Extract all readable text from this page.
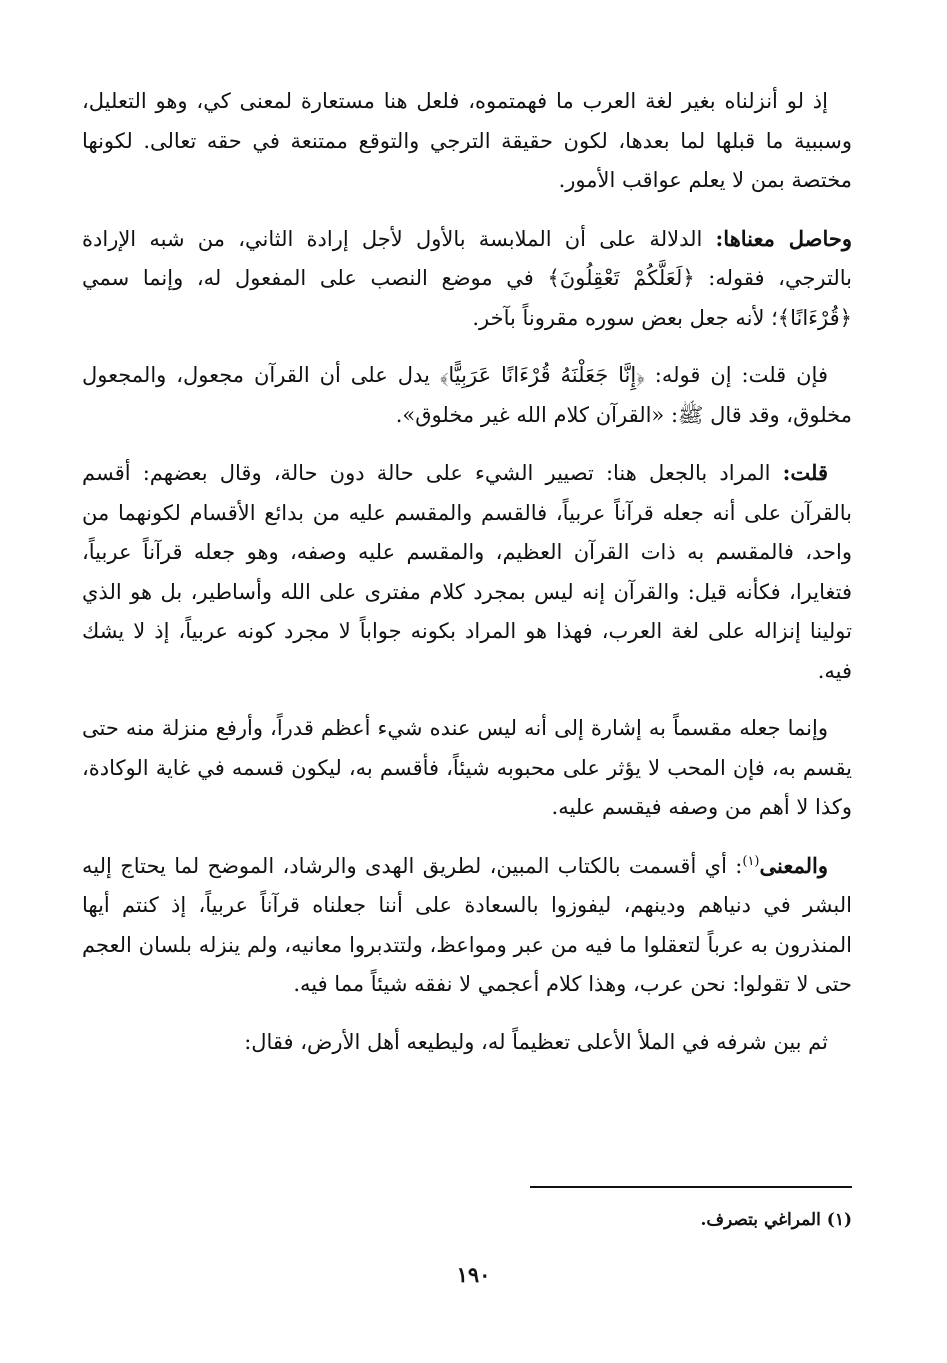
إذ لو أنزلناه بغير لغة العرب ما فهمتموه، فلعل هنا مستعارة لمعنى كي، وهو التعليل، وسببية ما قبلها لما بعدها، لكون حقيقة الترجي والتوقع ممتنعة في حقه تعالى. لكونها مختصة بمن لا يعلم عواقب الأمور.

وحاصل معناها: الدلالة على أن الملابسة بالأول لأجل إرادة الثاني، من شبه الإرادة بالترجي، فقوله: ﴿لَعَلَّكُمْ تَعْقِلُونَ﴾ في موضع النصب على المفعول له، وإنما سمي ﴿قُرْءَانًا﴾؛ لأنه جعل بعض سوره مقروناً بآخر.

فإن قلت: إن قوله: ﴿إِنَّا جَعَلْنَهُ قُرْءَانًا عَرَبِيًّا﴾ يدل على أن القرآن مجعول، والمجعول مخلوق، وقد قال ﷺ: «القرآن كلام الله غير مخلوق».

قلت: المراد بالجعل هنا: تصيير الشيء على حالة دون حالة، وقال بعضهم: أقسم بالقرآن على أنه جعله قرآناً عربياً، فالقسم والمقسم عليه من بدائع الأقسام لكونهما من واحد، فالمقسم به ذات القرآن العظيم، والمقسم عليه وصفه، وهو جعله قرآناً عربياً، فتغايرا، فكأنه قيل: والقرآن إنه ليس بمجرد كلام مفترى على الله وأساطير، بل هو الذي تولينا إنزاله على لغة العرب، فهذا هو المراد بكونه جواباً لا مجرد كونه عربياً، إذ لا يشك فيه.

وإنما جعله مقسماً به إشارة إلى أنه ليس عنده شيء أعظم قدراً، وأرفع منزلة منه حتى يقسم به، فإن المحب لا يؤثر على محبوبه شيئاً، فأقسم به، ليكون قسمه في غاية الوكادة، وكذا لا أهم من وصفه فيقسم عليه.

والمعنى$^{(١)}$: أي أقسمت بالكتاب المبين، لطريق الهدى والرشاد، الموضح لما يحتاج إليه البشر في دنياهم ودينهم، ليفوزوا بالسعادة على أننا جعلناه قرآناً عربياً، إذ كنتم أيها المنذرون به عرباً لتعقلوا ما فيه من عبر ومواعظ، ولتتدبروا معانيه، ولم ينزله بلسان العجم حتى لا تقولوا: نحن عرب، وهذا كلام أعجمي لا نفقه شيئاً مما فيه.

ثم بين شرفه في الملأ الأعلى تعظيماً له، وليطيعه أهل الأرض، فقال:

(١) المراغي بتصرف.
١٩٠
